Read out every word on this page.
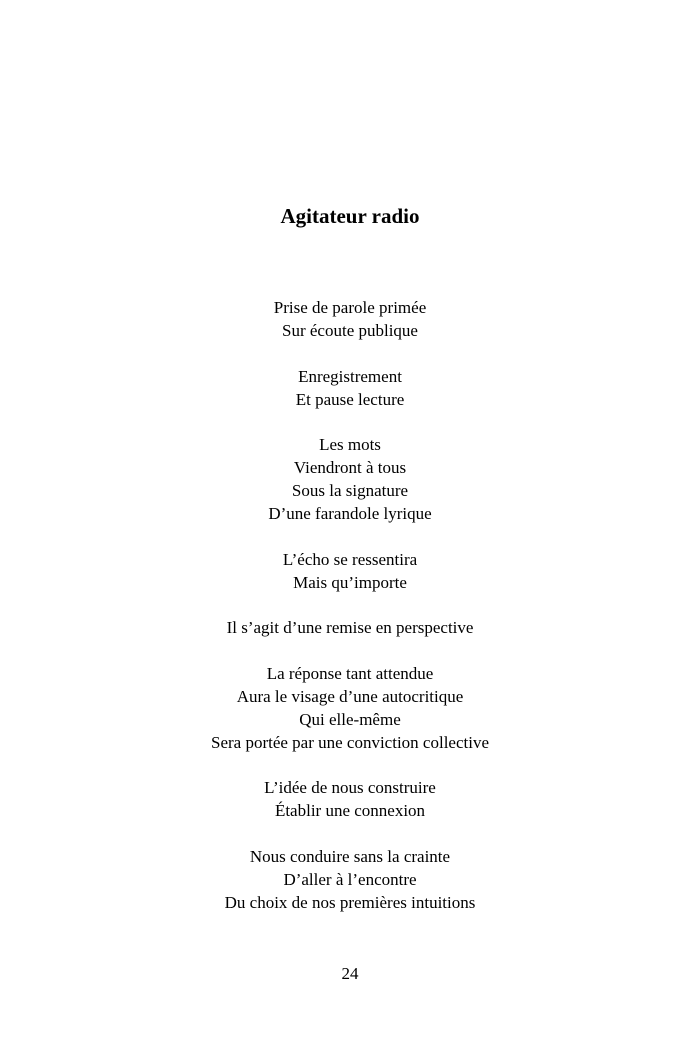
Agitateur radio
Prise de parole primée
Sur écoute publique
Enregistrement
Et pause lecture
Les mots
Viendront à tous
Sous la signature
D’une farandole lyrique
L’écho se ressentira
Mais qu’importe
Il s’agit d’une remise en perspective
La réponse tant attendue
Aura le visage d’une autocritique
Qui elle-même
Sera portée par une conviction collective
L’idée de nous construire
Établir une connexion
Nous conduire sans la crainte
D’aller à l’encontre
Du choix de nos premières intuitions
24
